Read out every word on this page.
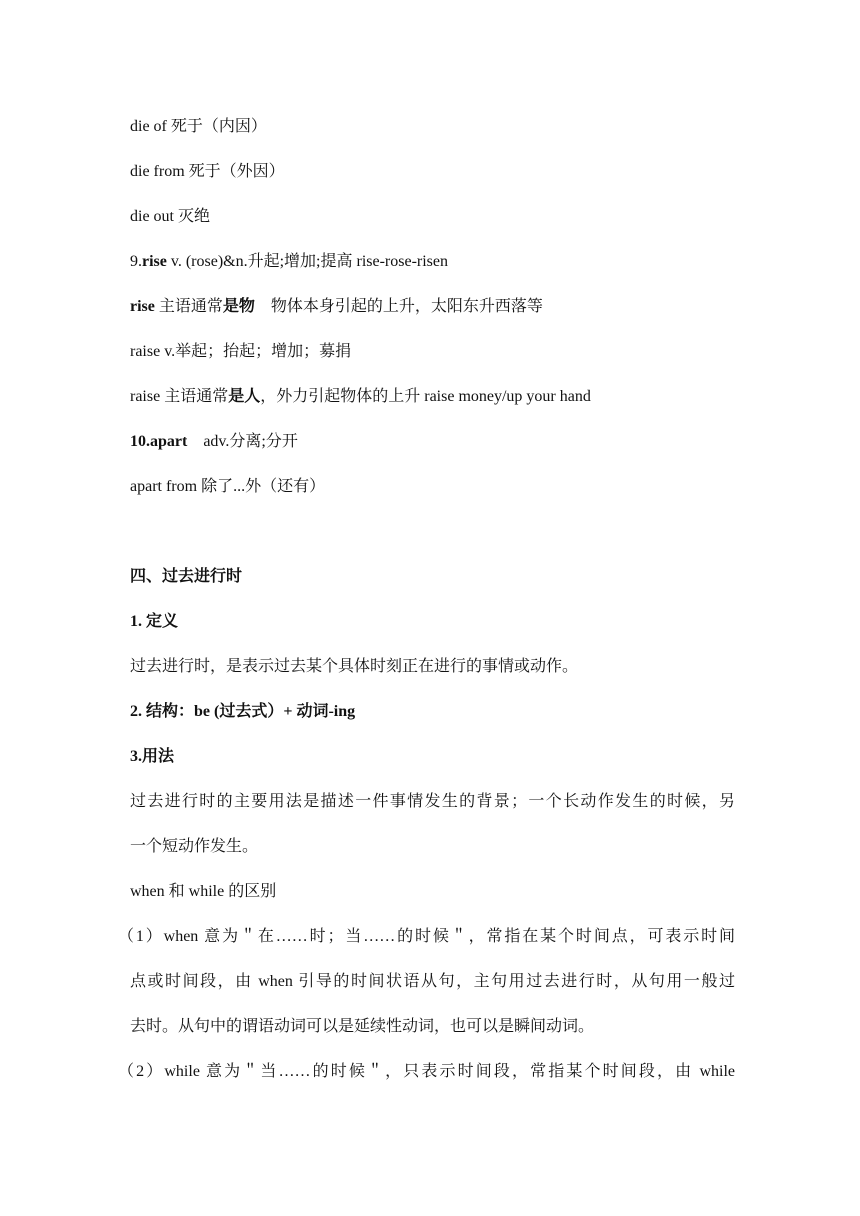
die of 死于（内因）
die from 死于（外因）
die out 灭绝
9.rise v. (rose)&n.升起;增加;提高 rise-rose-risen
rise 主语通常是物　物体本身引起的上升，太阳东升西落等
raise v.举起；抬起；增加；募捐
raise 主语通常是人，外力引起物体的上升 raise money/up your hand
10.apart　adv.分离;分开
apart from 除了...外（还有）
四、过去进行时
1. 定义
过去进行时，是表示过去某个具体时刻正在进行的事情或动作。
2. 结构：be (过去式）+ 动词-ing
3.用法
过去进行时的主要用法是描述一件事情发生的背景；一个长动作发生的时候，另
一个短动作发生。
when 和 while 的区别
（1）when 意为＂在……时；当……的时候＂，常指在某个时间点，可表示时间
点或时间段，由 when 引导的时间状语从句，主句用过去进行时，从句用一般过
去时。从句中的谓语动词可以是延续性动词，也可以是瞬间动词。
（2）while 意为＂当……的时候＂，只表示时间段，常指某个时间段，由 while
